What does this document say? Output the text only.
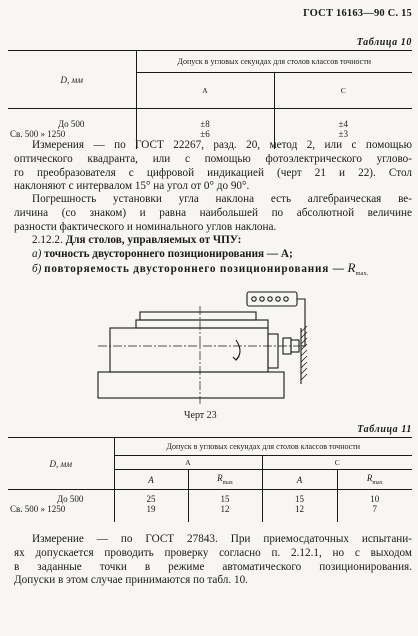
ГОСТ 16163—90 С. 15
Таблица 10
D, мм	Допуск в угловых секундах для столов классов точности	
	A	C
До 500	±8	±4
Св. 500 » 1250	±6	±3

Измерения — по ГОСТ 22267, разд. 20, метод 2, или с помощью
оптического квадранта, или с помощью фотоэлектрического углово-
го преобразователя с цифровой индикацией (черт 21 и 22). Стол
наклоняют с интервалом 15° на угол от 0° до 90°.
Погрешность установки угла наклона есть алгебраическая ве-
личина (со знаком) и равна наибольшей по абсолютной величине
разности фактического и номинального углов наклона.
2.12.2. Для столов, управляемых от ЧПУ:
а) точность двустороннего позиционирования — A;
б) повторяемость двустороннего позиционирования — $R_{max.}$
Черт 23
Таблица 11
D, мм	Допуск в угловых секундах для столов классов точности			
	A		C	
	A	$R_{max}$	A	$R_{max}$
До 500	25	15	15	10
Св. 500 » 1250	19	12	12	7

Измерение — по ГОСТ 27843. При приемосдаточных испытани-
ях допускается проводить проверку согласно п. 2.12.1, но с выходом
в заданные точки в режиме автоматического позиционирования.
Допуски в этом случае принимаются по табл. 10.
